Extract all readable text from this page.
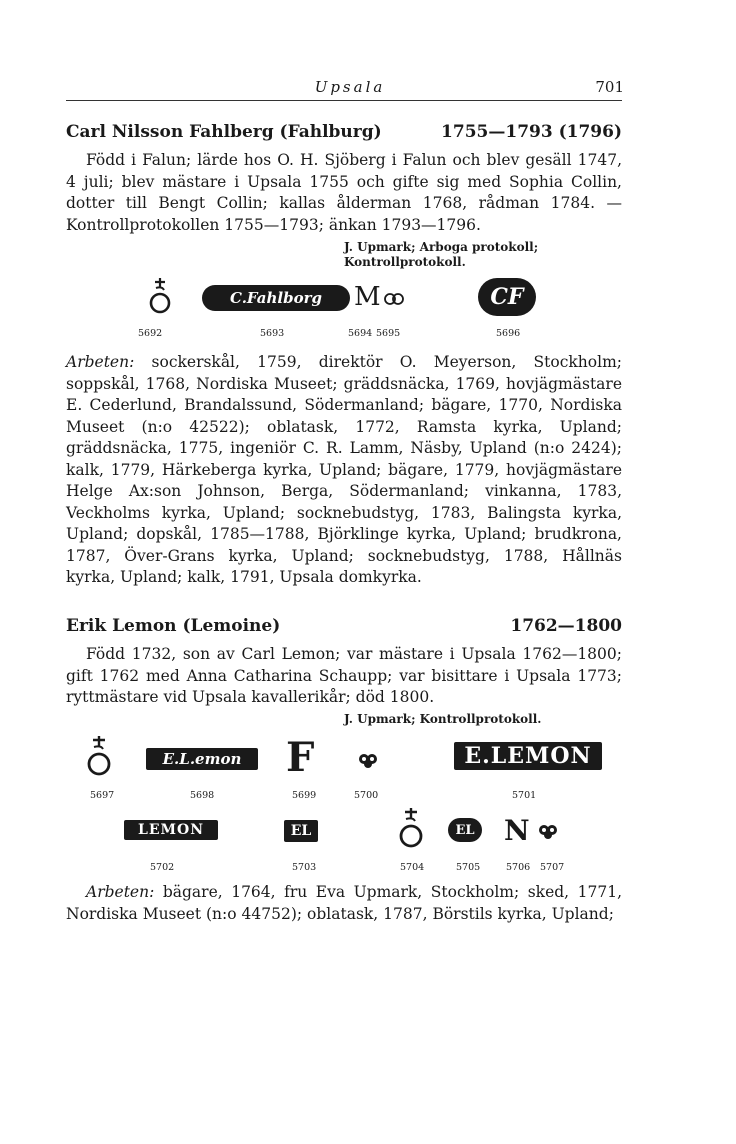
Upsala	701
Carl Nilsson Fahlberg (Fahlburg)	1755—1793 (1796)
Född i Falun; lärde hos O. H. Sjöberg i Falun och blev gesäll 1747, 4 juli; blev mästare i Upsala 1755 och gifte sig med Sophia Collin, dotter till Bengt Collin; kallas ålderman 1768, rådman 1784. — Kontrollprotokollen 1755—1793; änkan 1793—1796.
J. Upmark; Arboga protokoll; Kontrollprotokoll.
C.Fahlborg	M	CF
5692	5693	5694 5695	5696
Arbeten: sockerskål, 1759, direktör O. Meyerson, Stockholm; soppskål, 1768, Nordiska Museet; gräddsnäcka, 1769, hovjägmästare E. Cederlund, Brandalssund, Södermanland; bägare, 1770, Nordiska Museet (n:o 42522); oblatask, 1772, Ramsta kyrka, Upland; gräddsnäcka, 1775, ingeniör C. R. Lamm, Näsby, Upland (n:o 2424); kalk, 1779, Härkeberga kyrka, Upland; bägare, 1779, hovjägmästare Helge Ax:son Johnson, Berga, Södermanland; vinkanna, 1783, Veckholms kyrka, Upland; socknebudstyg, 1783, Balingsta kyrka, Upland; dopskål, 1785—1788, Björklinge kyrka, Upland; brudkrona, 1787, Över-Grans kyrka, Upland; socknebudstyg, 1788, Hållnäs kyrka, Upland; kalk, 1791, Upsala domkyrka.
Erik Lemon (Lemoine)	1762—1800
Född 1732, son av Carl Lemon; var mästare i Upsala 1762—1800; gift 1762 med Anna Catharina Schaupp; var bisittare i Upsala 1773; ryttmästare vid Upsala kavallerikår; död 1800.
J. Upmark; Kontrollprotokoll.
E.L.emon	F	E.LEMON
5697	5698	5699	5700	5701
LEMON	EL	EL N
5702	5703	5704	5705	5706 5707
Arbeten: bägare, 1764, fru Eva Upmark, Stockholm; sked, 1771, Nordiska Museet (n:o 44752); oblatask, 1787, Börstils kyrka, Upland;
